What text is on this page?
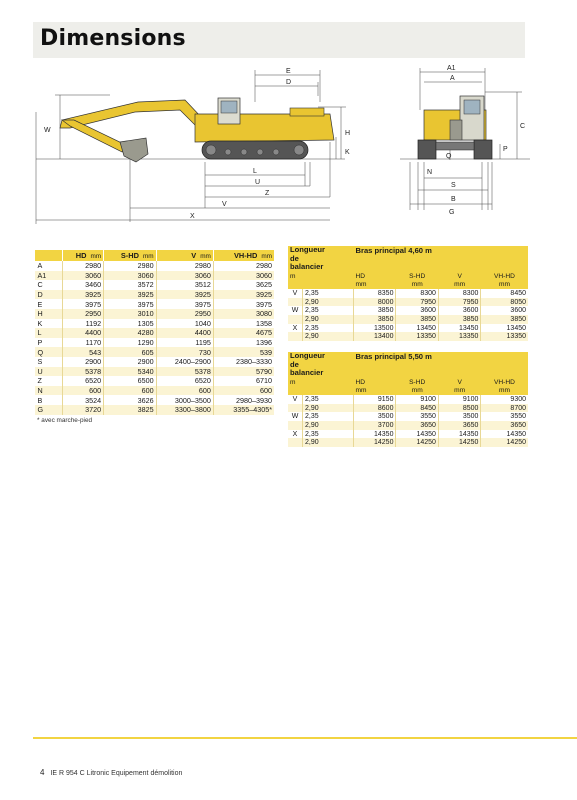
Dimensions
E
D
W	H
K
L
U
Z
V
X
A1
A
C
P
Q
N
S
B
G
	HD mm	S-HD mm	V mm	VH-HD mm
A	2980	2980	2980	2980
A1	3060	3060	3060	3060
C	3460	3572	3512	3625
D	3925	3925	3925	3925
E	3975	3975	3975	3975
H	2950	3010	2950	3080
K	1192	1305	1040	1358
L	4400	4280	4400	4675
P	1170	1290	1195	1396
Q	543	605	730	539
S	2900	2900	2400–2900	2380–3330
U	5378	5340	5378	5790
Z	6520	6500	6520	6710
N	600	600	600	600
B	3524	3626	3000–3500	2980–3930
G	3720	3825	3300–3800	3355–4305*
* avec marche-pied
Longueur
de
balancier		Bras principal 4,60 m			
m		HD	S-HD	V	VH-HD
		mm	mm	mm	mm
V	2,35	8350	8300	8300	8450
	2,90	8000	7950	7950	8050
W	2,35	3850	3600	3600	3600
	2,90	3850	3850	3850	3850
X	2,35	13500	13450	13450	13450
	2,90	13400	13350	13350	13350
Longueur
de
balancier		Bras principal 5,50 m			
m		HD	S-HD	V	VH-HD
		mm	mm	mm	mm
V	2,35	9150	9100	9100	9300
	2,90	8600	8450	8500	8700
W	2,35	3500	3550	3500	3550
	2,90	3700	3650	3650	3650
X	2,35	14350	14350	14350	14350
	2,90	14250	14250	14250	14250
4 IE R 954 C Litronic Equipement démolition
